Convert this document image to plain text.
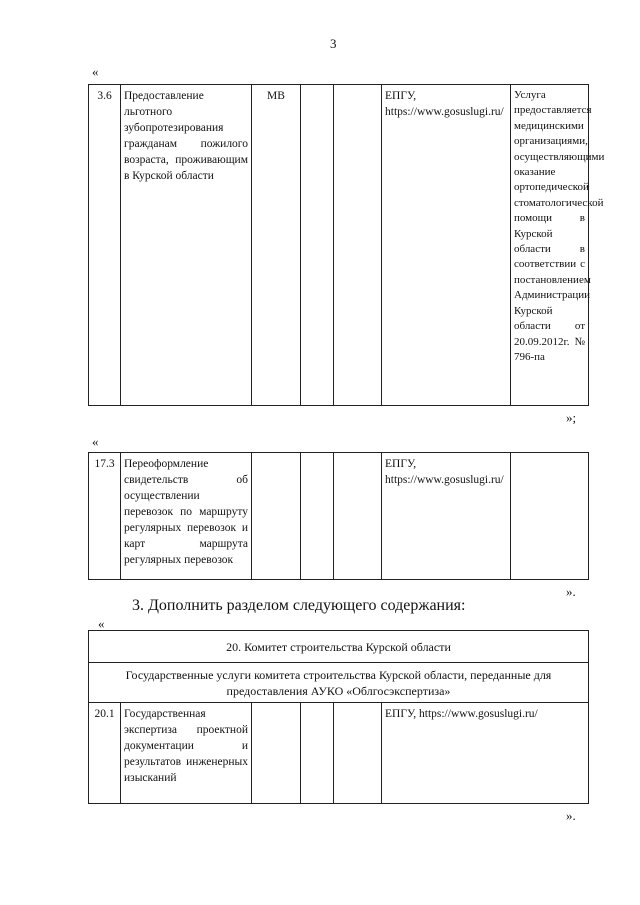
3
«
3.6	Предоставление льготного зубопротезирования гражданам пожилого возраста, проживающим в Курской области	МВ			ЕПГУ, https://www.gosuslugi.ru/	Услуга предоставляется медицинскими организациями, осуществляющими оказание ортопедической стоматологической помощи в Курской области в соответствии с постановлением Администрации Курской области от 20.09.2012г. № 796-па
»;
«
17.3	Переоформление свидетельств об осуществлении перевозок по маршруту регулярных перевозок и карт маршрута регулярных перевозок				ЕПГУ, https://www.gosuslugi.ru/	
».
3. Дополнить разделом следующего содержания:
«
20. Комитет строительства Курской области
Государственные услуги комитета строительства Курской области, переданные для предоставления АУКО «Облгосэкспертиза»
20.1	Государственная экспертиза проектной документации и результатов инженерных изысканий				ЕПГУ, https://www.gosuslugi.ru/
».
